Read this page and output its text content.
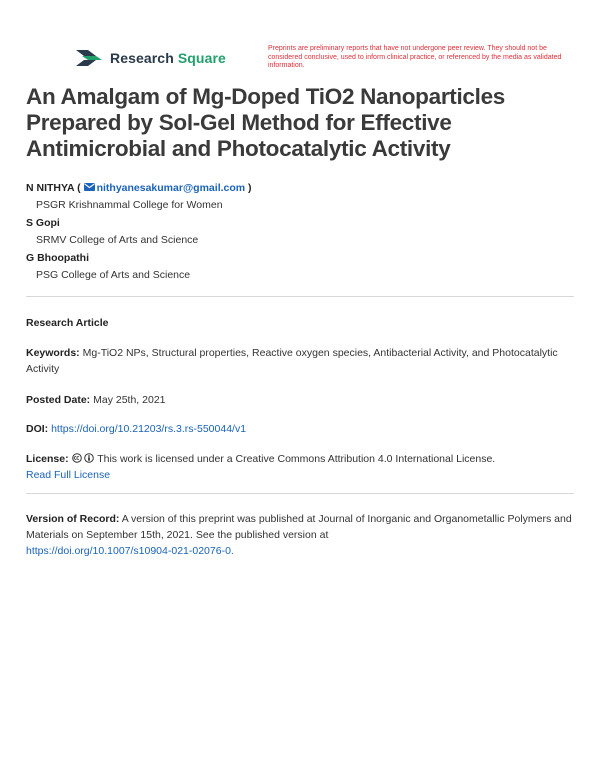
Research Square
Preprints are preliminary reports that have not undergone peer review. They should not be considered conclusive, used to inform clinical practice, or referenced by the media as validated information.
An Amalgam of Mg-Doped TiO2 Nanoparticles Prepared by Sol-Gel Method for Effective Antimicrobial and Photocatalytic Activity
N NITHYA ( nithyanesakumar@gmail.com )
PSGR Krishnammal College for Women
S Gopi
SRMV College of Arts and Science
G Bhoopathi
PSG College of Arts and Science
Research Article
Keywords: Mg-TiO2 NPs, Structural properties, Reactive oxygen species, Antibacterial Activity, and Photocatalytic Activity
Posted Date: May 25th, 2021
DOI: https://doi.org/10.21203/rs.3.rs-550044/v1
License:	This work is licensed under a Creative Commons Attribution 4.0 International License.
Read Full License
Version of Record: A version of this preprint was published at Journal of Inorganic and Organometallic Polymers and Materials on September 15th, 2021. See the published version at
https://doi.org/10.1007/s10904-021-02076-0.
